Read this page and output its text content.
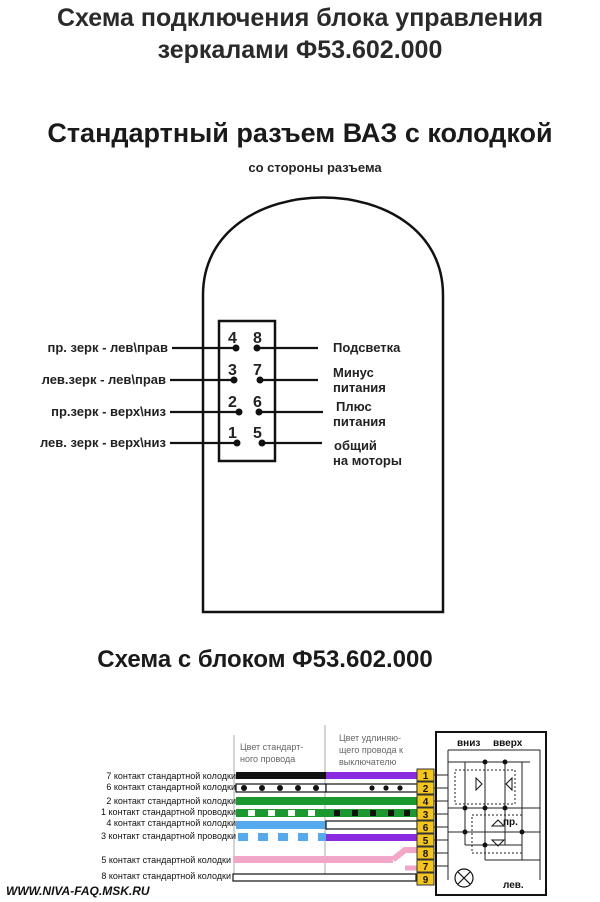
Схема подключения блока управления
зеркалами Ф53.602.000
Стандартный разъем ВАЗ с колодкой
со стороны разъема
4
3
2
1
8
7
6
5
пр. зерк - лев\прав
лев.зерк - лев\прав
пр.зерк - верх\низ
лев. зерк - верх\низ
Подсветка
Минус
питания
Плюс
питания
общий
на моторы
Схема с блоком Ф53.602.000
Цвет стандарт-
ного провода
Цвет удлиняю-
щего провода к
выключателю
7 контакт стандартной колодки
6 контакт стандартной колодки
2 контакт стандартной колодки
1 контакт стандартной проводки
4 контакт стандартной колодки
3 контакт стандартной проводки
5 контакт стандартной колодки
8 контакт стандартной колодки
1
2
4
3
6
5
8
7
9
вниз вверх
пр.
лев.
WWW.NIVA-FAQ.MSK.RU
